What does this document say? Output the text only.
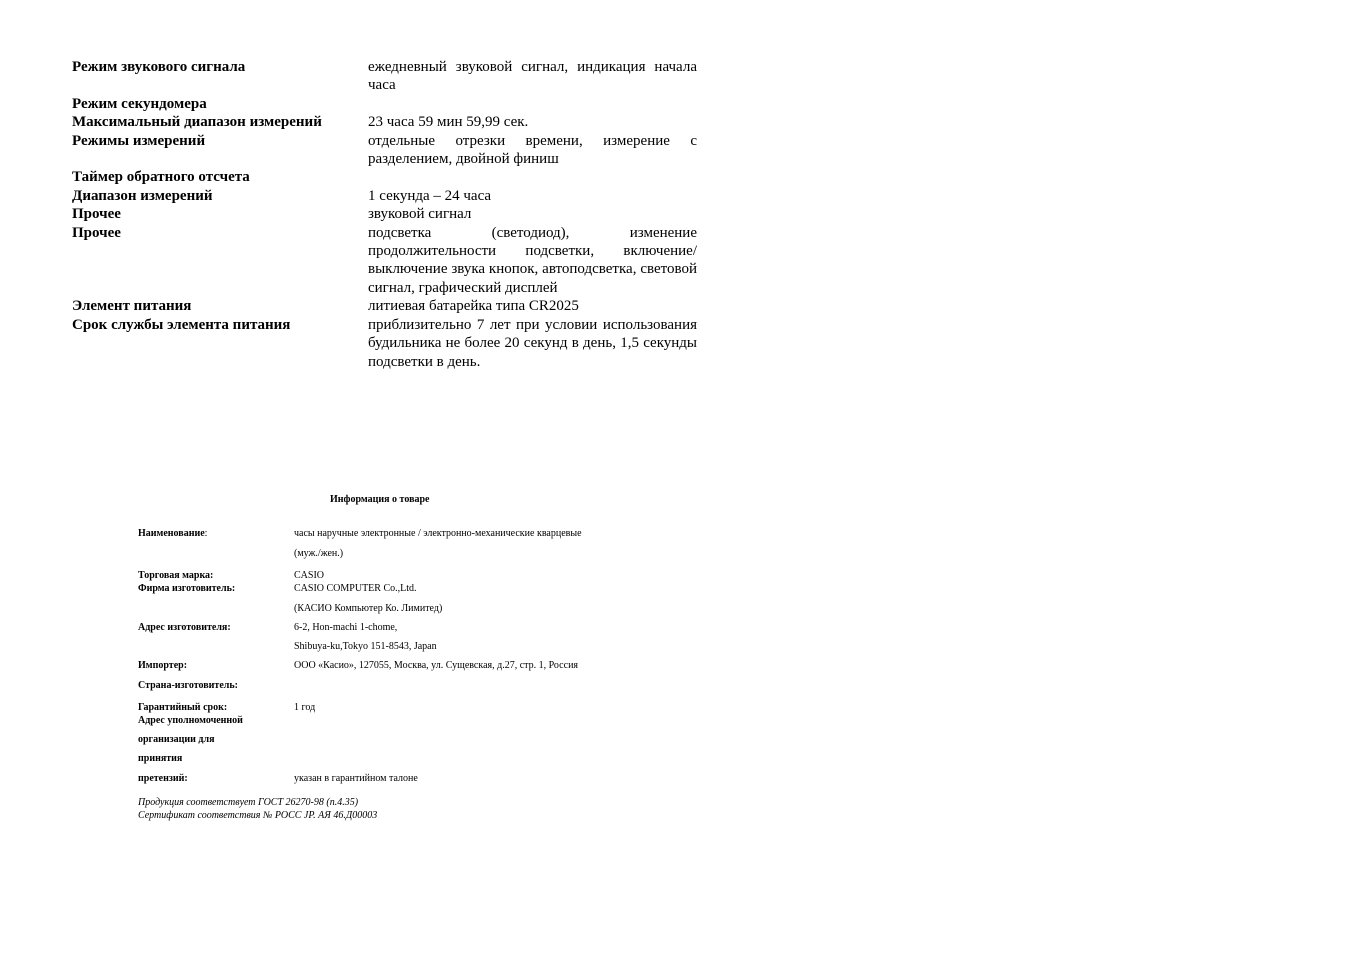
Режим звукового сигнала	ежедневный звуковой сигнал, индикация начала часа
Режим секундомера
Максимальный диапазон измерений	23 часа 59 мин 59,99 сек.
Режимы измерений	отдельные отрезки времени, измерение с разделением, двойной финиш
Таймер обратного отсчета
Диапазон измерений	1 секунда – 24 часа
Прочее	звуковой сигнал
Прочее	подсветка (светодиод), изменение продолжительности подсветки, включение/выключение звука кнопок, автоподсветка, световой сигнал, графический дисплей
Элемент питания	литиевая батарейка типа CR2025
Срок службы элемента питания	приблизительно 7 лет при условии использования будильника не более 20 секунд в день, 1,5 секунды подсветки в день.
Информация о товаре
Наименование:	часы наручные электронные / электронно-механические кварцевые
(муж./жен.)
Торговая марка:	CASIO
Фирма изготовитель:	CASIO COMPUTER Co.,Ltd.
(КАСИО Компьютер Ко. Лимитед)
Адрес изготовителя:	6-2, Hon-machi 1-chome,
Shibuya-ku,Tokyo 151-8543, Japan
Импортер:	ООО «Касио», 127055, Москва, ул. Сущевская, д.27, стр. 1, Россия
Страна-изготовитель:
Гарантийный срок:	1 год
Адрес уполномоченной
организации для
принятия
претензий:	указан в гарантийном талоне
Продукция соответствует ГОСТ 26270-98 (п.4.35)
Сертификат соответствия № РОСС JP. АЯ 46.Д00003
